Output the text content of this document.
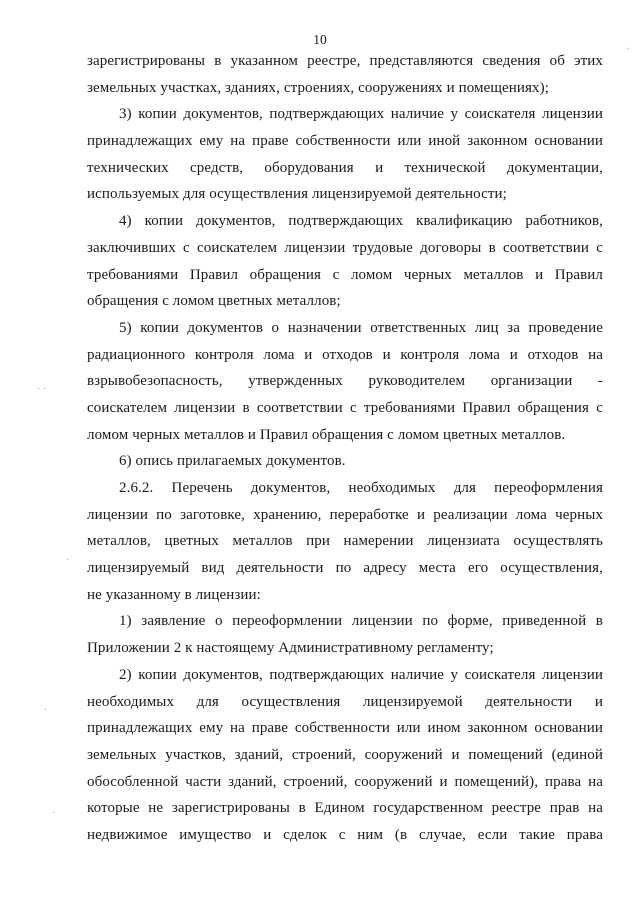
10
зарегистрированы в указанном реестре, представляются сведения об этих
земельных участках, зданиях, строениях, сооружениях и помещениях);
3) копии документов, подтверждающих наличие у соискателя лицензии
принадлежащих ему на праве собственности или иной законном основании
технических средств, оборудования и технической документации,
используемых для осуществления лицензируемой деятельности;
4) копии документов, подтверждающих квалификацию работников,
заключивших с соискателем лицензии трудовые договоры в соответствии с
требованиями Правил обращения с ломом черных металлов и Правил
обращения с ломом цветных металлов;
5) копии документов о назначении ответственных лиц за проведение
радиационного контроля лома и отходов и контроля лома и отходов на
взрывобезопасность, утвержденных руководителем организации -
соискателем лицензии в соответствии с требованиями Правил обращения с
ломом черных металлов и Правил обращения с ломом цветных металлов.
6) опись прилагаемых документов.
2.6.2. Перечень документов, необходимых для переоформления
лицензии по заготовке, хранению, переработке и реализации лома черных
металлов, цветных металлов при намерении лицензиата осуществлять
лицензируемый вид деятельности по адресу места его осуществления,
не указанному в лицензии:
1) заявление о переоформлении лицензии по форме, приведенной в
Приложении 2 к настоящему Административному регламенту;
2) копии документов, подтверждающих наличие у соискателя лицензии
необходимых для осуществления лицензируемой деятельности и
принадлежащих ему на праве собственности или ином законном основании
земельных участков, зданий, строений, сооружений и помещений (единой
обособленной части зданий, строений, сооружений и помещений), права на
которые не зарегистрированы в Едином государственном реестре прав на
недвижимое имущество и сделок с ним (в случае, если такие права
· ·
·
·
·
·
